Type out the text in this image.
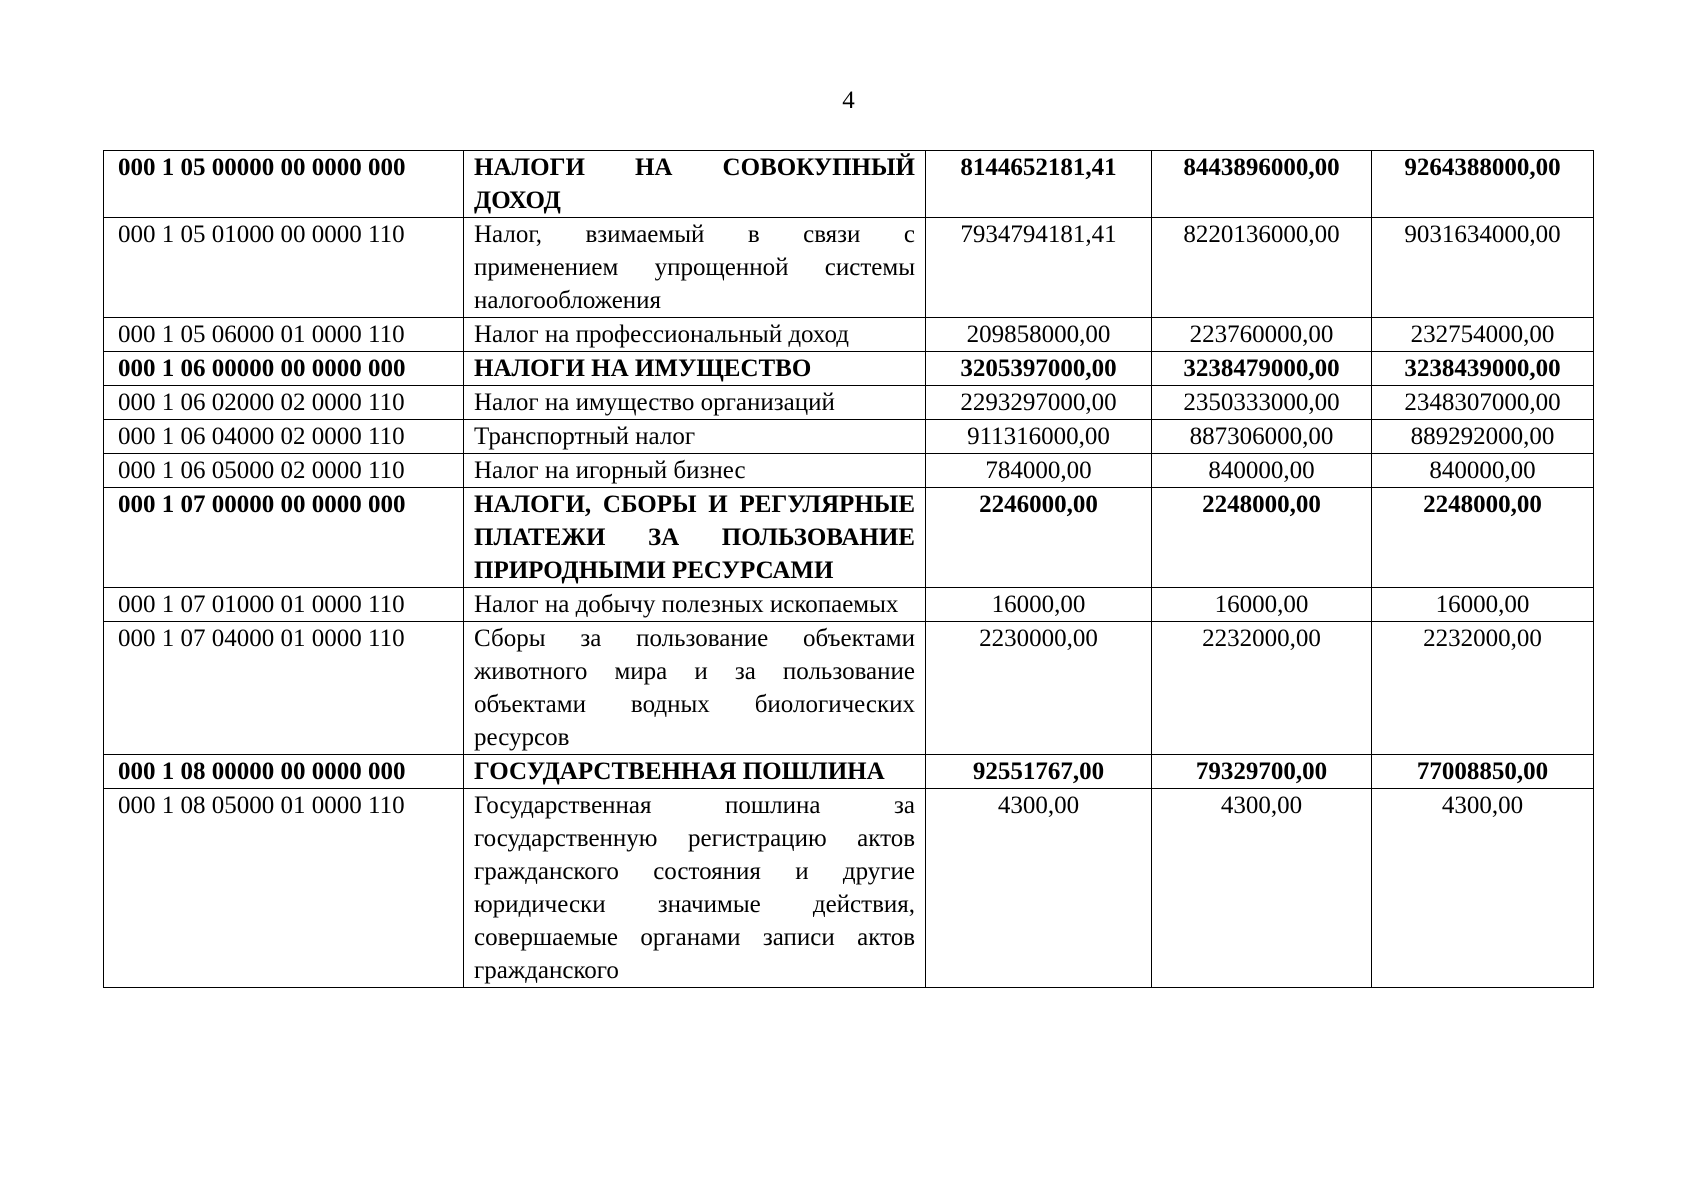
4
000 1 05 00000 00 0000 000	НАЛОГИ НА СОВОКУПНЫЙ ДОХОД	8144652181,41	8443896000,00	9264388000,00
000 1 05 01000 00 0000 110	Налог, взимаемый в связи с применением упрощенной системы налогообложения	7934794181,41	8220136000,00	9031634000,00
000 1 05 06000 01 0000 110	Налог на профессиональный доход	209858000,00	223760000,00	232754000,00
000 1 06 00000 00 0000 000	НАЛОГИ НА ИМУЩЕСТВО	3205397000,00	3238479000,00	3238439000,00
000 1 06 02000 02 0000 110	Налог на имущество организаций	2293297000,00	2350333000,00	2348307000,00
000 1 06 04000 02 0000 110	Транспортный налог	911316000,00	887306000,00	889292000,00
000 1 06 05000 02 0000 110	Налог на игорный бизнес	784000,00	840000,00	840000,00
000 1 07 00000 00 0000 000	НАЛОГИ, СБОРЫ И РЕГУЛЯРНЫЕ ПЛАТЕЖИ ЗА ПОЛЬЗОВАНИЕ ПРИРОДНЫМИ РЕСУРСАМИ	2246000,00	2248000,00	2248000,00
000 1 07 01000 01 0000 110	Налог на добычу полезных ископаемых	16000,00	16000,00	16000,00
000 1 07 04000 01 0000 110	Сборы за пользование объектами животного мира и за пользование объектами водных биологических ресурсов	2230000,00	2232000,00	2232000,00
000 1 08 00000 00 0000 000	ГОСУДАРСТВЕННАЯ ПОШЛИНА	92551767,00	79329700,00	77008850,00
000 1 08 05000 01 0000 110	Государственная пошлина за государственную регистрацию актов гражданского состояния и другие юридически значимые действия, совершаемые органами записи актов гражданского	4300,00	4300,00	4300,00
